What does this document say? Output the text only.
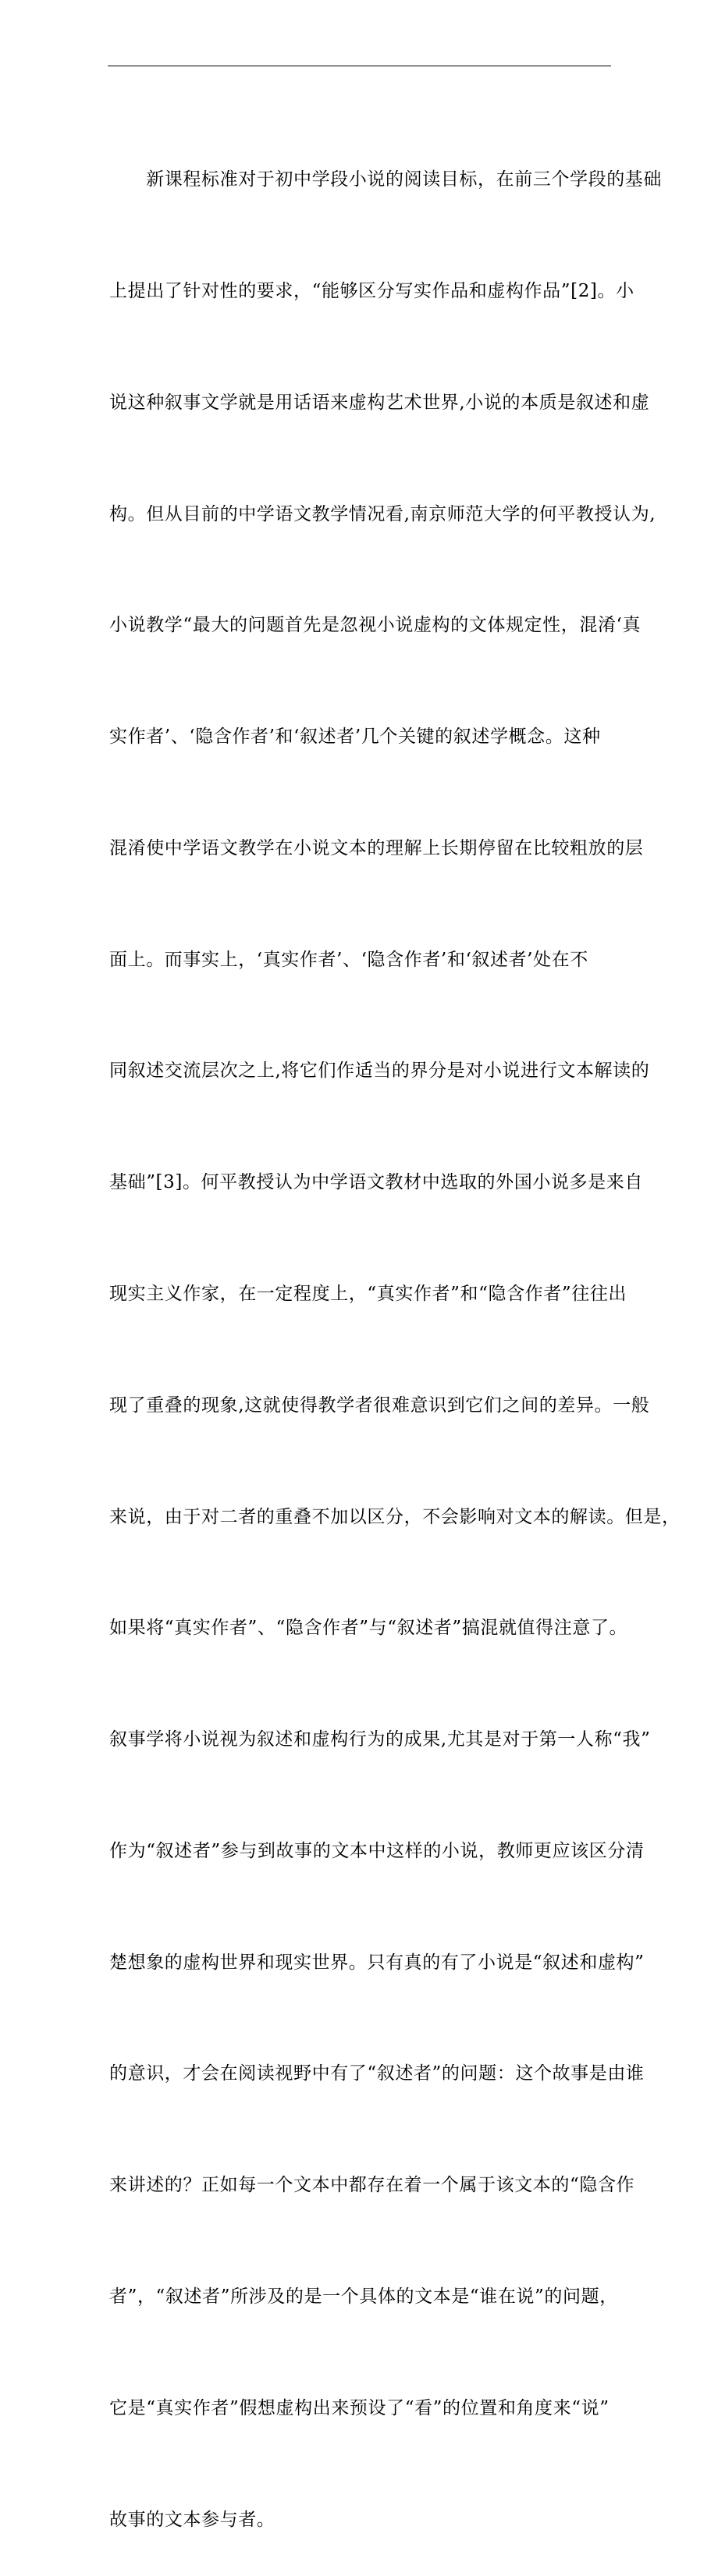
　　新课程标准对于初中学段小说的阅读目标，在前三个学段的基础

上提出了针对性的要求，“能够区分写实作品和虚构作品”[2]。小

说这种叙事文学就是用话语来虚构艺术世界,小说的本质是叙述和虚

构。但从目前的中学语文教学情况看,南京师范大学的何平教授认为,

小说教学“最大的问题首先是忽视小说虚构的文体规定性，混淆‘真

实作者’、‘隐含作者’和‘叙述者’几个关键的叙述学概念。这种

混淆使中学语文教学在小说文本的理解上长期停留在比较粗放的层

面上。而事实上，‘真实作者’、‘隐含作者’和‘叙述者’处在不

同叙述交流层次之上,将它们作适当的界分是对小说进行文本解读的

基础”[3]。何平教授认为中学语文教材中选取的外国小说多是来自

现实主义作家，在一定程度上，“真实作者”和“隐含作者”往往出

现了重叠的现象,这就使得教学者很难意识到它们之间的差异。一般

来说，由于对二者的重叠不加以区分，不会影响对文本的解读。但是，

如果将“真实作者”、“隐含作者”与“叙述者”搞混就值得注意了。

叙事学将小说视为叙述和虚构行为的成果,尤其是对于第一人称“我”

作为“叙述者”参与到故事的文本中这样的小说，教师更应该区分清

楚想象的虚构世界和现实世界。只有真的有了小说是“叙述和虚构”

的意识，才会在阅读视野中有了“叙述者”的问题：这个故事是由谁

来讲述的？正如每一个文本中都存在着一个属于该文本的“隐含作

者”，“叙述者”所涉及的是一个具体的文本是“谁在说”的问题，

它是“真实作者”假想虚构出来预设了“看”的位置和角度来“说”

故事的文本参与者。
